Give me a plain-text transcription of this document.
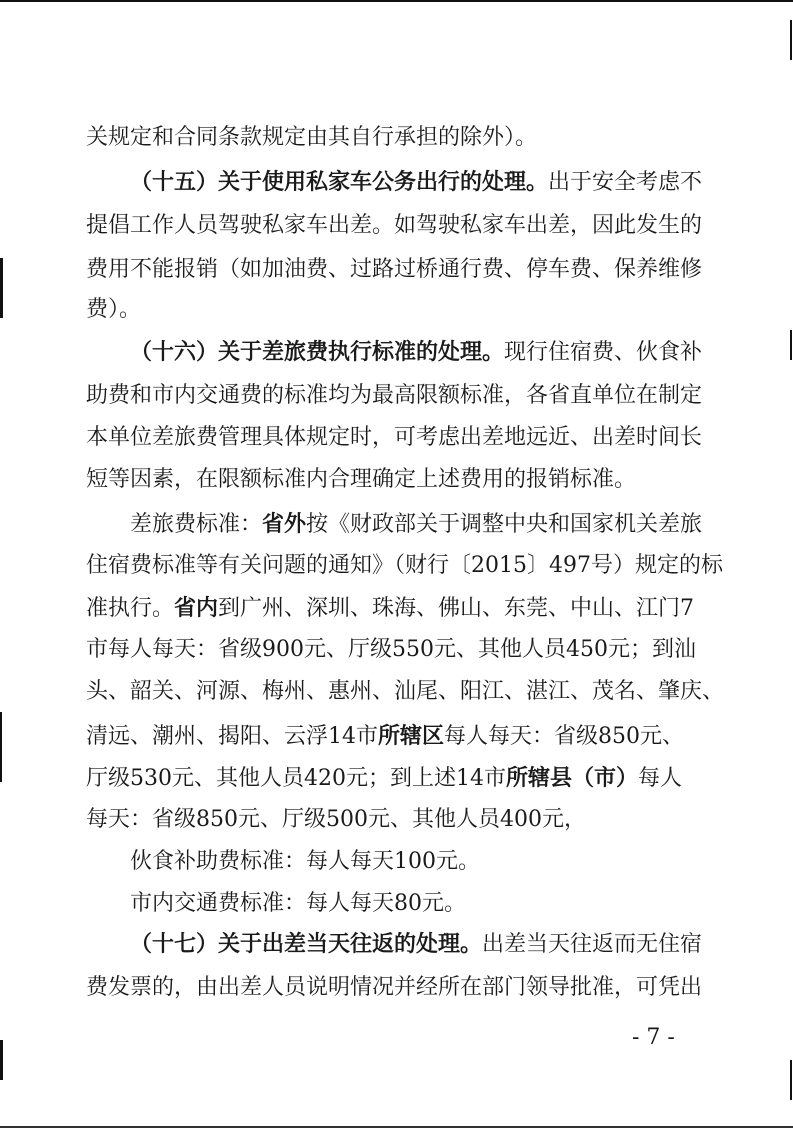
关规定和合同条款规定由其自行承担的除外）。
（十五）关于使用私家车公务出行的处理。出于安全考虑不
提倡工作人员驾驶私家车出差。如驾驶私家车出差，因此发生的
费用不能报销（如加油费、过路过桥通行费、停车费、保养维修
费）。
（十六）关于差旅费执行标准的处理。现行住宿费、伙食补
助费和市内交通费的标准均为最高限额标准，各省直单位在制定
本单位差旅费管理具体规定时，可考虑出差地远近、出差时间长
短等因素，在限额标准内合理确定上述费用的报销标准。
差旅费标准：省外按《财政部关于调整中央和国家机关差旅
住宿费标准等有关问题的通知》（财行〔2015〕497号）规定的标
准执行。省内到广州、深圳、珠海、佛山、东莞、中山、江门7
市每人每天：省级900元、厅级550元、其他人员450元；到汕
头、韶关、河源、梅州、惠州、汕尾、阳江、湛江、茂名、肇庆、
清远、潮州、揭阳、云浮14市所辖区每人每天：省级850元、
厅级530元、其他人员420元；到上述14市所辖县（市）每人
每天：省级850元、厅级500元、其他人员400元，
伙食补助费标准：每人每天100元。
市内交通费标准：每人每天80元。
（十七）关于出差当天往返的处理。出差当天往返而无住宿
费发票的，由出差人员说明情况并经所在部门领导批准，可凭出
- 7 -
